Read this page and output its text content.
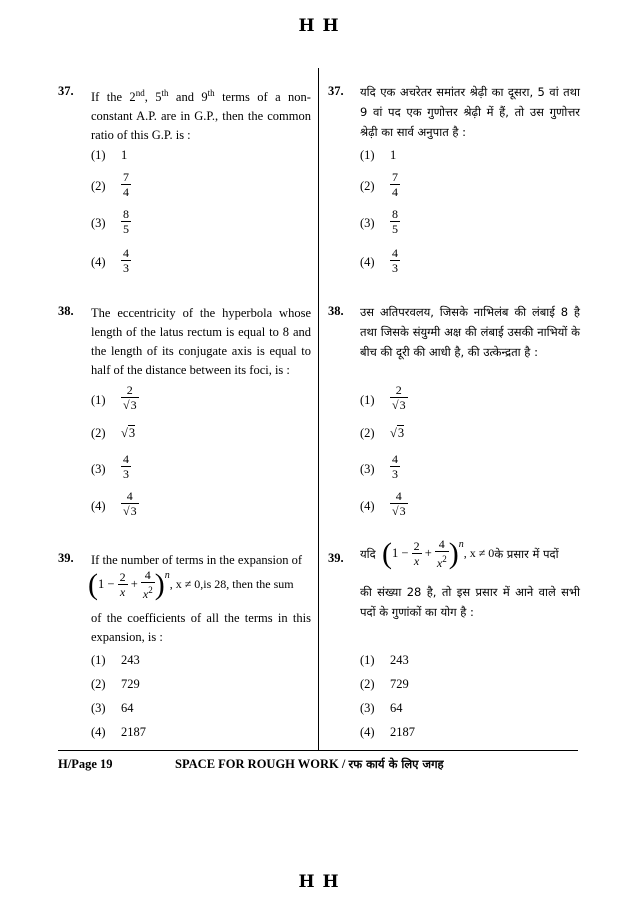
H H
37. If the 2nd, 5th and 9th terms of a non-constant A.P. are in G.P., then the common ratio of this G.P. is :
(1) 1
$(2) \frac{7}{4}$
$(3) \frac{8}{5}$
$(4) \frac{4}{3}$
37. यदि एक अचरेतर समांतर श्रेढ़ी का दूसरा, 5 वां तथा 9 वां पद एक गुणोत्तर श्रेढ़ी में हैं, तो उस गुणोत्तर श्रेढ़ी का सार्व अनुपात है :
(1) 1
$(2) \frac{7}{4}$
$(3) \frac{8}{5}$
$(4) \frac{4}{3}$
38. The eccentricity of the hyperbola whose length of the latus rectum is equal to 8 and the length of its conjugate axis is equal to half of the distance between its foci, is :
$(1) \frac{2}{√3}$
(2) √3
$(3) \frac{4}{3}$
$(4) \frac{4}{√3}$
38. उस अतिपरवलय, जिसके नाभिलंब की लंबाई 8 है तथा जिसके संयुग्मी अक्ष की लंबाई उसकी नाभियों के बीच की दूरी की आधी है, की उत्केन्द्रता है :
$(1) \frac{2}{√3}$
(2) √3
$(3) \frac{4}{3}$
$(4) \frac{4}{√3}$
39. If the number of terms in the expansion of
( 1
−
$\frac{2}{x}$
+
$\frac{4}{x^2}$ ) n
, x ≠ 0, is 28, then the sum
of the coefficients of all the terms in this expansion, is :
(1) 243
(2) 729
(3) 64
(4) 2187
39. यदि
( 1
−
$\frac{2}{x}$
+
$\frac{4}{x^2}$ ) n
, x ≠ 0 के प्रसार में पदों
की संख्या 28 है, तो इस प्रसार में आने वाले सभी पदों के गुणांकों का योग है :
(1) 243
(2) 729
(3) 64
(4) 2187
H/Page 19	SPACE FOR ROUGH WORK / रफ कार्य के लिए जगह
H H
